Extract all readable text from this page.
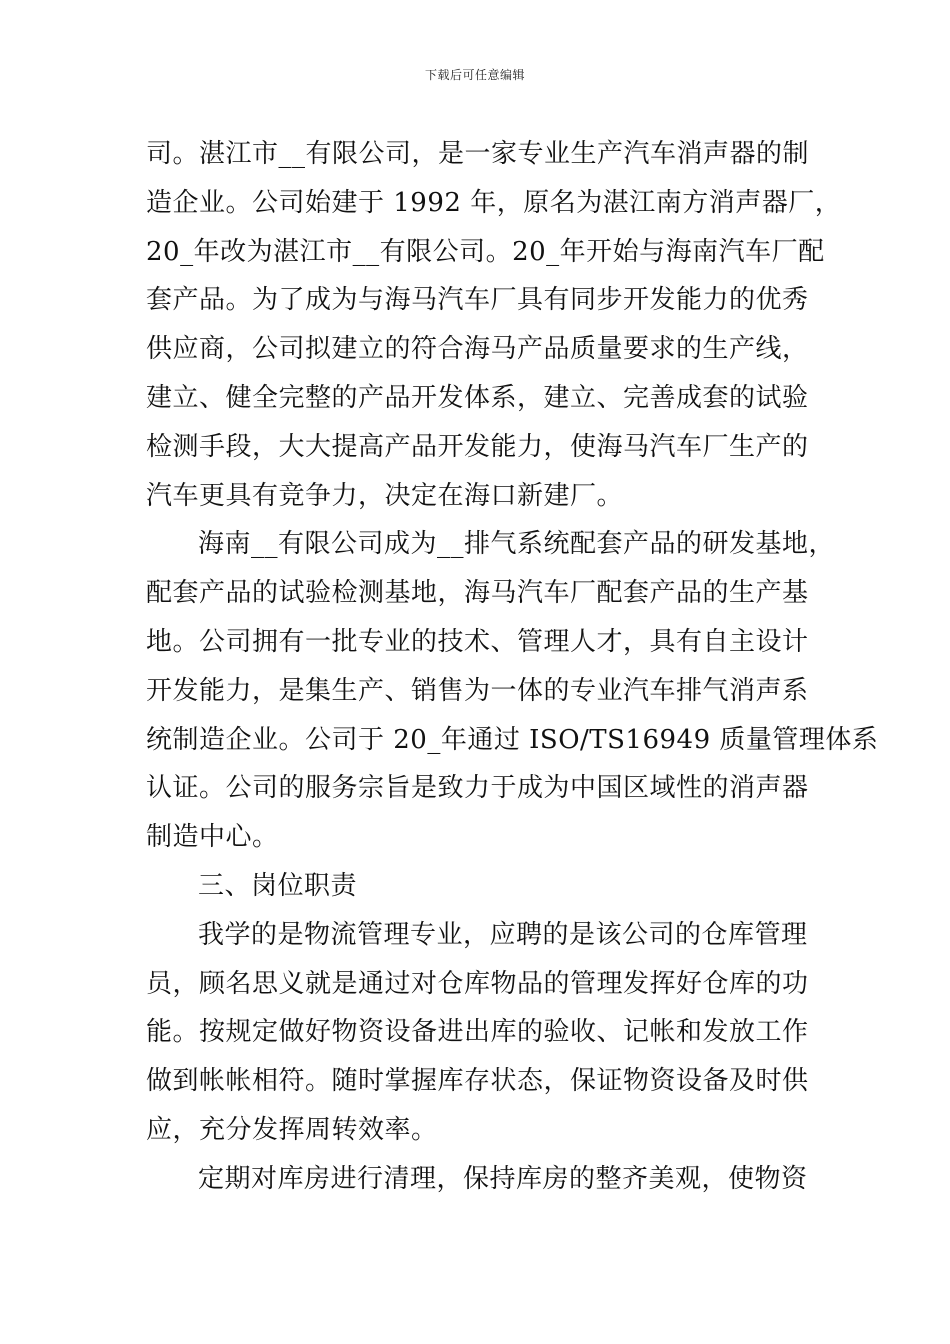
下载后可任意编辑
司。湛江市__有限公司，是一家专业生产汽车消声器的制
造企业。公司始建于 1992 年，原名为湛江南方消声器厂，
20_年改为湛江市__有限公司。20_年开始与海南汽车厂配
套产品。为了成为与海马汽车厂具有同步开发能力的优秀
供应商，公司拟建立的符合海马产品质量要求的生产线，
建立、健全完整的产品开发体系，建立、完善成套的试验
检测手段，大大提高产品开发能力，使海马汽车厂生产的
汽车更具有竞争力，决定在海口新建厂。
海南__有限公司成为__排气系统配套产品的研发基地，
配套产品的试验检测基地，海马汽车厂配套产品的生产基
地。公司拥有一批专业的技术、管理人才，具有自主设计
开发能力，是集生产、销售为一体的专业汽车排气消声系
统制造企业。公司于 20_年通过 ISO/TS16949 质量管理体系
认证。公司的服务宗旨是致力于成为中国区域性的消声器
制造中心。
三、岗位职责
我学的是物流管理专业，应聘的是该公司的仓库管理
员，顾名思义就是通过对仓库物品的管理发挥好仓库的功
能。按规定做好物资设备进出库的验收、记帐和发放工作
做到帐帐相符。随时掌握库存状态，保证物资设备及时供
应，充分发挥周转效率。
定期对库房进行清理，保持库房的整齐美观，使物资
